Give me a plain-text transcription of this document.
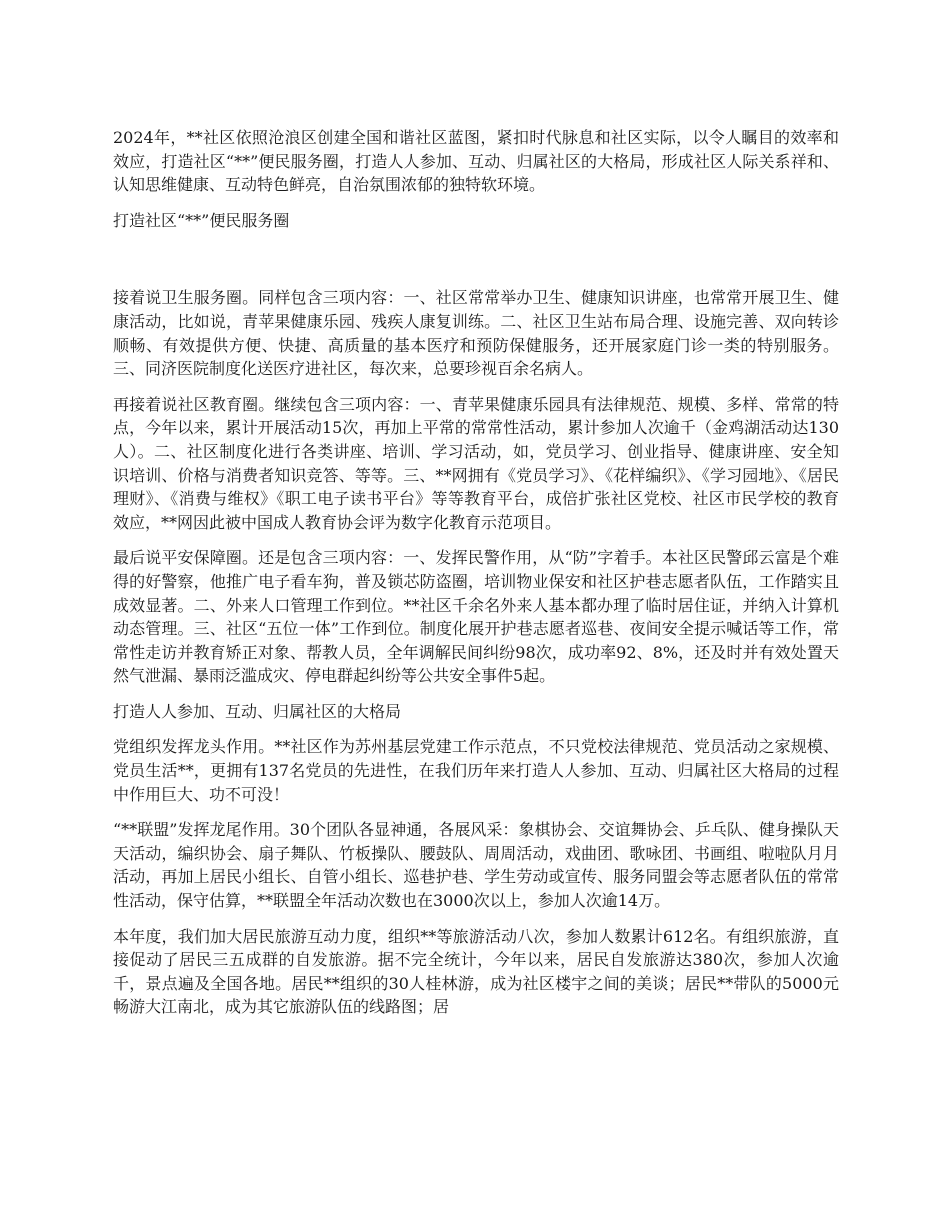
2024年，**社区依照沧浪区创建全国和谐社区蓝图，紧扣时代脉息和社区实际，以令人瞩目的效率和效应，打造社区“**”便民服务圈，打造人人参加、互动、归属社区的大格局，形成社区人际关系祥和、认知思维健康、互动特色鲜亮，自治氛围浓郁的独特软环境。

打造社区“**”便民服务圈

接着说卫生服务圈。同样包含三项内容：一、社区常常举办卫生、健康知识讲座，也常常开展卫生、健康活动，比如说，青苹果健康乐园、残疾人康复训练。二、社区卫生站布局合理、设施完善、双向转诊顺畅、有效提供方便、快捷、高质量的基本医疗和预防保健服务，还开展家庭门诊一类的特别服务。三、同济医院制度化送医疗进社区，每次来，总要珍视百余名病人。

再接着说社区教育圈。继续包含三项内容：一、青苹果健康乐园具有法律规范、规模、多样、常常的特点，今年以来，累计开展活动15次，再加上平常的常常性活动，累计参加人次逾千（金鸡湖活动达130人）。二、社区制度化进行各类讲座、培训、学习活动，如，党员学习、创业指导、健康讲座、安全知识培训、价格与消费者知识竞答、等等。三、**网拥有《党员学习》、《花样编织》、《学习园地》、《居民理财》、《消费与维权》《职工电子读书平台》等等教育平台，成倍扩张社区党校、社区市民学校的教育效应，**网因此被中国成人教育协会评为数字化教育示范项目。

最后说平安保障圈。还是包含三项内容：一、发挥民警作用，从“防”字着手。本社区民警邱云富是个难得的好警察，他推广电子看车狗，普及锁芯防盗圈，培训物业保安和社区护巷志愿者队伍，工作踏实且成效显著。二、外来人口管理工作到位。**社区千余名外来人基本都办理了临时居住证，并纳入计算机动态管理。三、社区“五位一体”工作到位。制度化展开护巷志愿者巡巷、夜间安全提示喊话等工作，常常性走访并教育矫正对象、帮教人员，全年调解民间纠纷98次，成功率92、8%，还及时并有效处置天然气泄漏、暴雨泛滥成灾、停电群起纠纷等公共安全事件5起。

打造人人参加、互动、归属社区的大格局

党组织发挥龙头作用。**社区作为苏州基层党建工作示范点，不只党校法律规范、党员活动之家规模、党员生活**，更拥有137名党员的先进性，在我们历年来打造人人参加、互动、归属社区大格局的过程中作用巨大、功不可没！

“**联盟”发挥龙尾作用。30个团队各显神通，各展风采：象棋协会、交谊舞协会、乒乓队、健身操队天天活动，编织协会、扇子舞队、竹板操队、腰鼓队、周周活动，戏曲团、歌咏团、书画组、啦啦队月月活动，再加上居民小组长、自管小组长、巡巷护巷、学生劳动或宣传、服务同盟会等志愿者队伍的常常性活动，保守估算，**联盟全年活动次数也在3000次以上，参加人次逾14万。

本年度，我们加大居民旅游互动力度，组织**等旅游活动八次，参加人数累计612名。有组织旅游，直接促动了居民三五成群的自发旅游。据不完全统计，今年以来，居民自发旅游达380次，参加人次逾千，景点遍及全国各地。居民**组织的30人桂林游，成为社区楼宇之间的美谈；居民**带队的5000元畅游大江南北，成为其它旅游队伍的线路图；居
